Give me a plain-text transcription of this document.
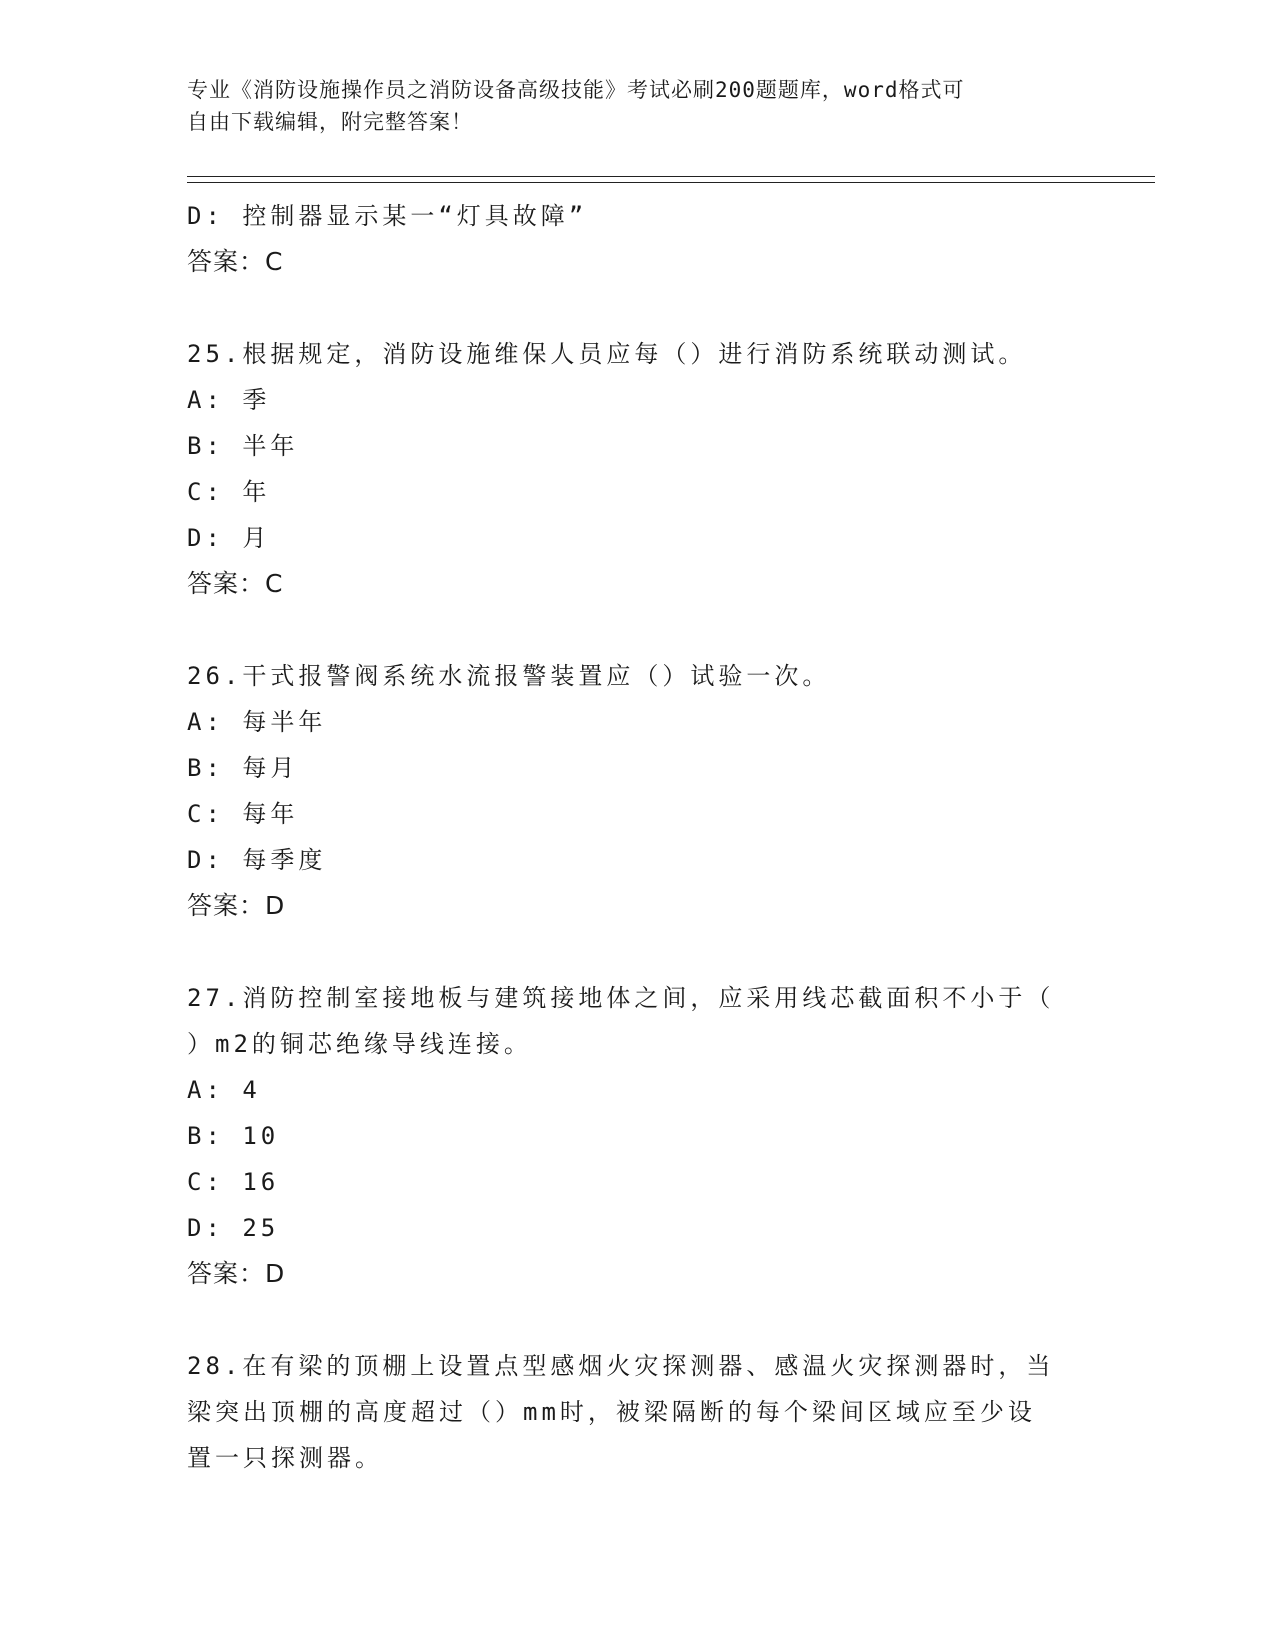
专业《消防设施操作员之消防设备高级技能》考试必刷200题题库，word格式可
自由下载编辑，附完整答案！
D: 控制器显示某一“灯具故障”
答案：C
25.根据规定，消防设施维保人员应每（）进行消防系统联动测试。
A: 季
B: 半年
C: 年
D: 月
答案：C
26.干式报警阀系统水流报警装置应（）试验一次。
A: 每半年
B: 每月
C: 每年
D: 每季度
答案：D
27.消防控制室接地板与建筑接地体之间，应采用线芯截面积不小于（
）m2的铜芯绝缘导线连接。
A: 4
B: 10
C: 16
D: 25
答案：D
28.在有梁的顶棚上设置点型感烟火灾探测器、感温火灾探测器时，当
梁突出顶棚的高度超过（）mm时，被梁隔断的每个梁间区域应至少设
置一只探测器。
